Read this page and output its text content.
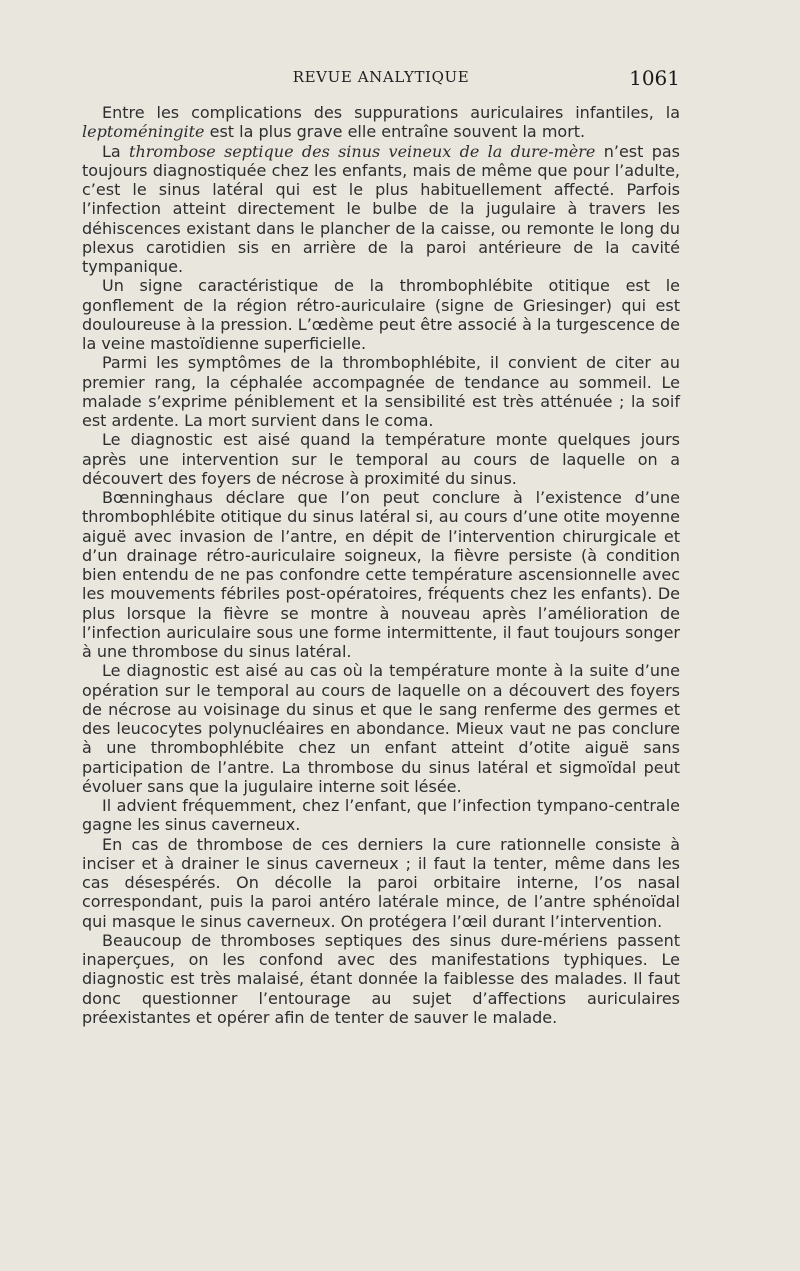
REVUE ANALYTIQUE	1061

Entre les complications des suppurations auriculaires infantiles, la leptoméningite est la plus grave elle entraîne souvent la mort.

La thrombose septique des sinus veineux de la dure-mère n’est pas toujours diagnostiquée chez les enfants, mais de même que pour l’adulte, c’est le sinus latéral qui est le plus habituellement affecté. Parfois l’infection atteint directement le bulbe de la jugulaire à travers les déhiscences existant dans le plancher de la caisse, ou remonte le long du plexus carotidien sis en arrière de la paroi antérieure de la cavité tympanique.

Un signe caractéristique de la thrombophlébite otitique est le gonflement de la région rétro-auriculaire (signe de Griesinger) qui est douloureuse à la pression. L’œdème peut être associé à la turgescence de la veine mastoïdienne superficielle.

Parmi les symptômes de la thrombophlébite, il convient de citer au premier rang, la céphalée accompagnée de tendance au sommeil. Le malade s’exprime péniblement et la sensibilité est très atténuée ; la soif est ardente. La mort survient dans le coma.

Le diagnostic est aisé quand la température monte quelques jours après une intervention sur le temporal au cours de laquelle on a découvert des foyers de nécrose à proximité du sinus.

Bœnninghaus déclare que l’on peut conclure à l’existence d’une thrombophlébite otitique du sinus latéral si, au cours d’une otite moyenne aiguë avec invasion de l’antre, en dépit de l’intervention chirurgicale et d’un drainage rétro-auriculaire soigneux, la fièvre persiste (à condition bien entendu de ne pas confondre cette température ascensionnelle avec les mouvements fébriles post-opératoires, fréquents chez les enfants). De plus lorsque la fièvre se montre à nouveau après l’amélioration de l’infection auriculaire sous une forme intermittente, il faut toujours songer à une thrombose du sinus latéral.

Le diagnostic est aisé au cas où la température monte à la suite d’une opération sur le temporal au cours de laquelle on a découvert des foyers de nécrose au voisinage du sinus et que le sang renferme des germes et des leucocytes polynucléaires en abondance. Mieux vaut ne pas conclure à une thrombophlébite chez un enfant atteint d’otite aiguë sans participation de l’antre. La thrombose du sinus latéral et sigmoïdal peut évoluer sans que la jugulaire interne soit lésée.

Il advient fréquemment, chez l’enfant, que l’infection tympano-centrale gagne les sinus caverneux.

En cas de thrombose de ces derniers la cure rationnelle consiste à inciser et à drainer le sinus caverneux ; il faut la tenter, même dans les cas désespérés. On décolle la paroi orbitaire interne, l’os nasal correspondant, puis la paroi antéro latérale mince, de l’antre sphénoïdal qui masque le sinus caverneux. On protégera l’œil durant l’intervention.

Beaucoup de thromboses septiques des sinus dure-mériens passent inaperçues, on les confond avec des manifestations typhiques. Le diagnostic est très malaisé, étant donnée la faiblesse des malades. Il faut donc questionner l’entourage au sujet d’affections auriculaires préexistantes et opérer afin de tenter de sauver le malade.
